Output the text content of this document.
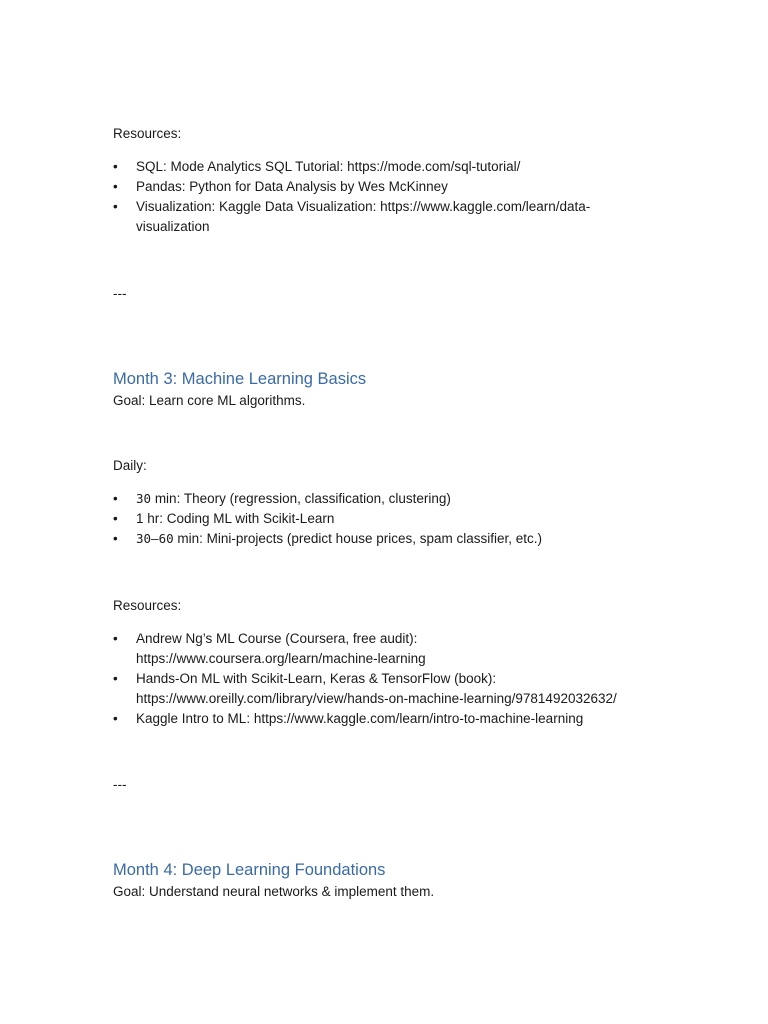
Resources:

•	SQL: Mode Analytics SQL Tutorial: https://mode.com/sql-tutorial/
•	Pandas: Python for Data Analysis by Wes McKinney
•	Visualization: Kaggle Data Visualization: https://www.kaggle.com/learn/data-
visualization

---

Month 3: Machine Learning Basics

Goal: Learn core ML algorithms.

Daily:

•	30 min: Theory (regression, classification, clustering)
•	1 hr: Coding ML with Scikit-Learn
•	30–60 min: Mini-projects (predict house prices, spam classifier, etc.)

Resources:

•	Andrew Ng’s ML Course (Coursera, free audit):
https://www.coursera.org/learn/machine-learning
•	Hands-On ML with Scikit-Learn, Keras & TensorFlow (book):
https://www.oreilly.com/library/view/hands-on-machine-learning/9781492032632/
•	Kaggle Intro to ML: https://www.kaggle.com/learn/intro-to-machine-learning

---

Month 4: Deep Learning Foundations

Goal: Understand neural networks & implement them.
